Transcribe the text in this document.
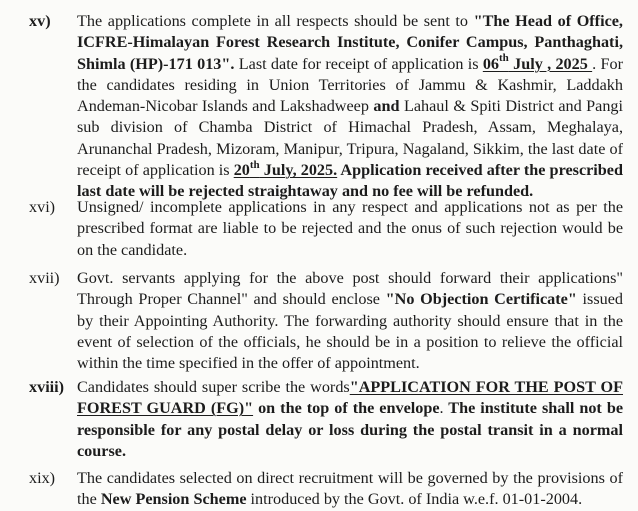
xv)	The applications complete in all respects should be sent to "The Head of Office, ICFRE-Himalayan Forest Research Institute, Conifer Campus, Panthaghati, Shimla (HP)-171 013". Last date for receipt of application is 06th July , 2025 . For the candidates residing in Union Territories of Jammu & Kashmir, Laddakh Andeman-Nicobar Islands and Lakshadweep and Lahaul & Spiti District and Pangi sub division of Chamba District of Himachal Pradesh, Assam, Meghalaya, Arunanchal Pradesh, Mizoram, Manipur, Tripura, Nagaland, Sikkim, the last date of receipt of application is 20th July, 2025. Application received after the prescribed last date will be rejected straightaway and no fee will be refunded.
xvi)	Unsigned/ incomplete applications in any respect and applications not as per the prescribed format are liable to be rejected and the onus of such rejection would be on the candidate.
xvii)	Govt. servants applying for the above post should forward their applications" Through Proper Channel" and should enclose "No Objection Certificate" issued by their Appointing Authority. The forwarding authority should ensure that in the event of selection of the officials, he should be in a position to relieve the official within the time specified in the offer of appointment.
xviii) Candidates should super scribe the words"APPLICATION FOR THE POST OF FOREST GUARD (FG)" on the top of the envelope. The institute shall not be responsible for any postal delay or loss during the postal transit in a normal course.
xix)	The candidates selected on direct recruitment will be governed by the provisions of the New Pension Scheme introduced by the Govt. of India w.e.f. 01-01-2004.
